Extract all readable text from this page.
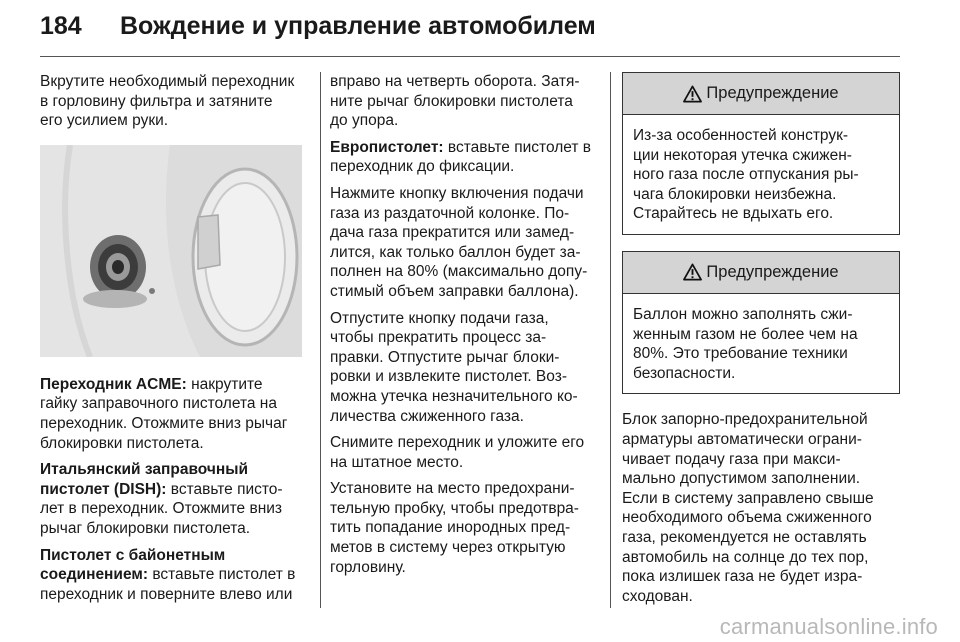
184 Вождение и управление автомобилем

Вкрутите необходимый переходник
в горловину фильтра и затяните
его усилием руки.

Переходник ACME: накрутите
гайку заправочного пистолета на
переходник. Отожмите вниз рычаг
блокировки пистолета.

Итальянский заправочный
пистолет (DISH): вставьте писто-
лет в переходник. Отожмите вниз
рычаг блокировки пистолета.

Пистолет с байонетным
соединением: вставьте пистолет в
переходник и поверните влево или

вправо на четверть оборота. Затя-
ните рычаг блокировки пистолета
до упора.

Европистолет: вставьте пистолет в
переходник до фиксации.

Нажмите кнопку включения подачи
газа из раздаточной колонке. По-
дача газа прекратится или замед-
лится, как только баллон будет за-
полнен на 80% (максимально допу-
стимый объем заправки баллона).

Отпустите кнопку подачи газа,
чтобы прекратить процесс за-
правки. Отпустите рычаг блоки-
ровки и извлеките пистолет. Воз-
можна утечка незначительного ко-
личества сжиженного газа.

Снимите переходник и уложите его
на штатное место.

Установите на место предохрани-
тельную пробку, чтобы предотвра-
тить попадание инородных пред-
метов в систему через открытую
горловину.

Предупреждение
Из-за особенностей конструк-
ции некоторая утечка сжижен-
ного газа после отпускания ры-
чага блокировки неизбежна.
Старайтесь не вдыхать его.
Предупреждение
Баллон можно заполнять сжи-
женным газом не более чем на
80%. Это требование техники
безопасности.

Блок запорно-предохранительной
арматуры автоматически ограни-
чивает подачу газа при макси-
мально допустимом заполнении.
Если в систему заправлено свыше
необходимого объема сжиженного
газа, рекомендуется не оставлять
автомобиль на солнце до тех пор,
пока излишек газа не будет изра-
сходован.

carmanualsonline.info
